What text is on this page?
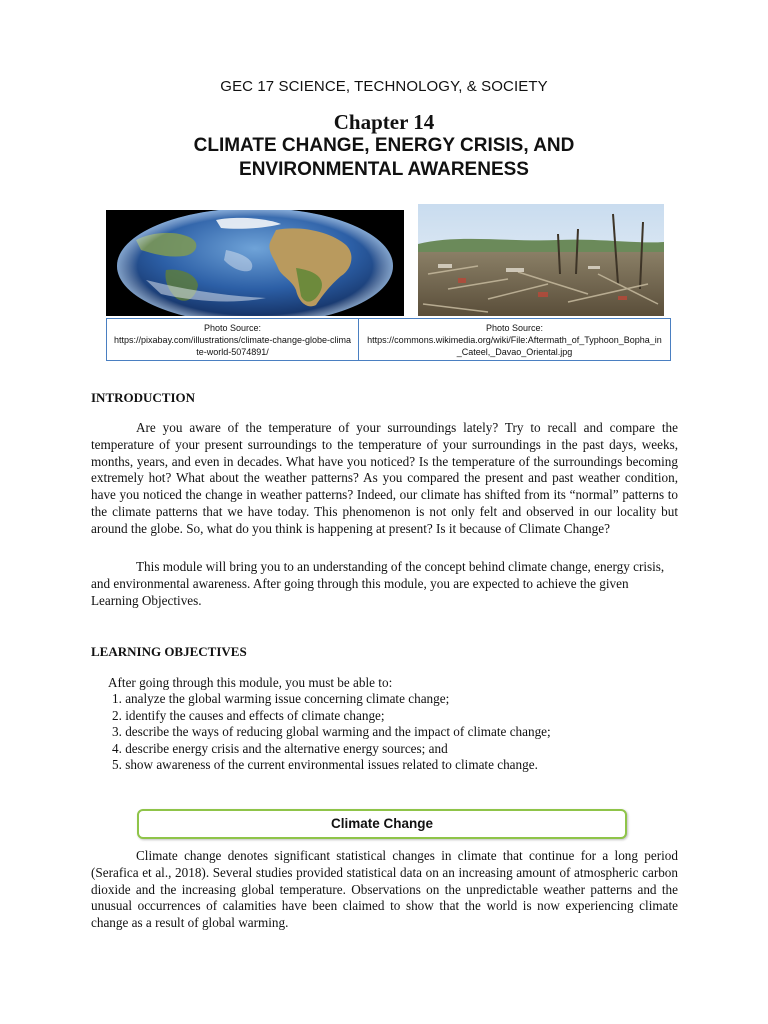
GEC 17 SCIENCE, TECHNOLOGY, & SOCIETY
Chapter 14
CLIMATE CHANGE, ENERGY CRISIS, AND
ENVIRONMENTAL AWARENESS
Photo Source:
https://pixabay.com/illustrations/climate-change-globe-climate-world-5074891/
Photo Source:
https://commons.wikimedia.org/wiki/File:Aftermath_of_Typhoon_Bopha_in_Cateel,_Davao_Oriental.jpg
INTRODUCTION

Are you aware of the temperature of your surroundings lately? Try to recall and compare the temperature of your present surroundings to the temperature of your surroundings in the past days, weeks, months, years, and even in decades. What have you noticed? Is the temperature of the surroundings becoming extremely hot? What about the weather patterns? As you compared the present and past weather condition, have you noticed the change in weather patterns? Indeed, our climate has shifted from its “normal” patterns to the climate patterns that we have today. This phenomenon is not only felt and observed in our locality but around the globe. So, what do you think is happening at present? Is it because of Climate Change?

This module will bring you to an understanding of the concept behind climate change, energy crisis, and environmental awareness. After going through this module, you are expected to achieve the given Learning Objectives.

LEARNING OBJECTIVES
After going through this module, you must be able to:
1. analyze the global warming issue concerning climate change;
2. identify the causes and effects of climate change;
3. describe the ways of reducing global warming and the impact of climate change;
4. describe energy crisis and the alternative energy sources; and
5. show awareness of the current environmental issues related to climate change.
Climate Change

Climate change denotes significant statistical changes in climate that continue for a long period (Serafica et al., 2018). Several studies provided statistical data on an increasing amount of atmospheric carbon dioxide and the increasing global temperature. Observations on the unpredictable weather patterns and the unusual occurrences of calamities have been claimed to show that the world is now experiencing climate change as a result of global warming.
